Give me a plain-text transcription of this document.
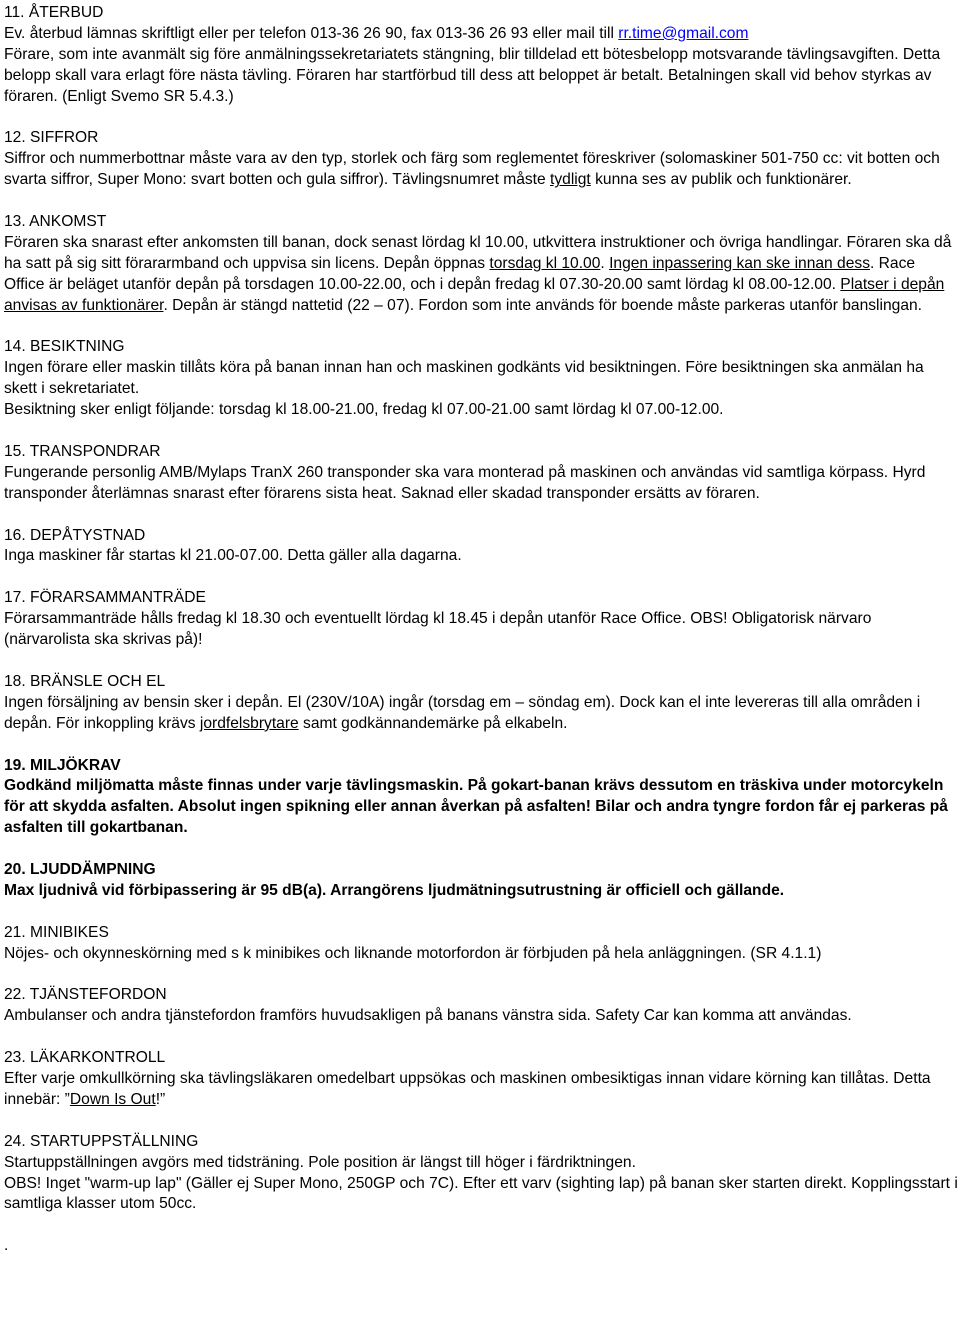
11. ÅTERBUD

Ev. återbud lämnas skriftligt eller per telefon 013-36 26 90, fax 013-36 26 93 eller mail till rr.time@gmail.com

Förare, som inte avanmält sig före anmälningssekretariatets stängning, blir tilldelad ett bötesbelopp motsvarande tävlingsavgiften. Detta belopp skall vara erlagt före nästa tävling. Föraren har startförbud till dess att beloppet är betalt. Betalningen skall vid behov styrkas av föraren. (Enligt Svemo SR 5.4.3.)

12. SIFFROR

Siffror och nummerbottnar måste vara av den typ, storlek och färg som reglementet föreskriver (solomaskiner 501-750 cc: vit botten och svarta siffror, Super Mono: svart botten och gula siffror). Tävlingsnumret måste tydligt kunna ses av publik och funktionärer.

13. ANKOMST

Föraren ska snarast efter ankomsten till banan, dock senast lördag kl 10.00, utkvittera instruktioner och övriga handlingar. Föraren ska då ha satt på sig sitt förararmband och uppvisa sin licens. Depån öppnas torsdag kl 10.00. Ingen inpassering kan ske innan dess. Race Office är beläget utanför depån på torsdagen 10.00-22.00, och i depån fredag kl 07.30-20.00 samt lördag kl 08.00-12.00. Platser i depån anvisas av funktionärer. Depån är stängd nattetid (22 – 07). Fordon som inte används för boende måste parkeras utanför banslingan.

14. BESIKTNING

Ingen förare eller maskin tillåts köra på banan innan han och maskinen godkänts vid besiktningen. Före besiktningen ska anmälan ha skett i sekretariatet.

Besiktning sker enligt följande: torsdag kl 18.00-21.00, fredag kl 07.00-21.00 samt lördag kl 07.00-12.00.

15. TRANSPONDRAR

Fungerande personlig AMB/Mylaps TranX 260 transponder ska vara monterad på maskinen och användas vid samtliga körpass. Hyrd transponder återlämnas snarast efter förarens sista heat. Saknad eller skadad transponder ersätts av föraren.

16. DEPÅTYSTNAD

Inga maskiner får startas kl 21.00-07.00. Detta gäller alla dagarna.

17. FÖRARSAMMANTRÄDE

Förarsammanträde hålls fredag kl 18.30 och eventuellt lördag kl 18.45 i depån utanför Race Office. OBS! Obligatorisk närvaro (närvarolista ska skrivas på)!

18. BRÄNSLE OCH EL

Ingen försäljning av bensin sker i depån. El (230V/10A) ingår (torsdag em – söndag em). Dock kan el inte levereras till alla områden i depån. För inkoppling krävs jordfelsbrytare samt godkännandemärke på elkabeln.

19. MILJÖKRAV

Godkänd miljömatta måste finnas under varje tävlingsmaskin. På gokart-banan krävs dessutom en träskiva under motorcykeln för att skydda asfalten. Absolut ingen spikning eller annan åverkan på asfalten! Bilar och andra tyngre fordon får ej parkeras på asfalten till gokartbanan.

20. LJUDDÄMPNING

Max ljudnivå vid förbipassering är 95 dB(a). Arrangörens ljudmätningsutrustning är officiell och gällande.

21. MINIBIKES

Nöjes- och okynneskörning med s k minibikes och liknande motorfordon är förbjuden på hela anläggningen. (SR 4.1.1)

22. TJÄNSTEFORDON

Ambulanser och andra tjänstefordon framförs huvudsakligen på banans vänstra sida. Safety Car kan komma att användas.

23. LÄKARKONTROLL

Efter varje omkullkörning ska tävlingsläkaren omedelbart uppsökas och maskinen ombesiktigas innan vidare körning kan tillåtas. Detta innebär: ”Down Is Out!”

24. STARTUPPSTÄLLNING

Startuppställningen avgörs med tidsträning. Pole position är längst till höger i färdriktningen.

OBS! Inget "warm-up lap" (Gäller ej Super Mono, 250GP och 7C). Efter ett varv (sighting lap) på banan sker starten direkt. Kopplingsstart i samtliga klasser utom 50cc.

.
